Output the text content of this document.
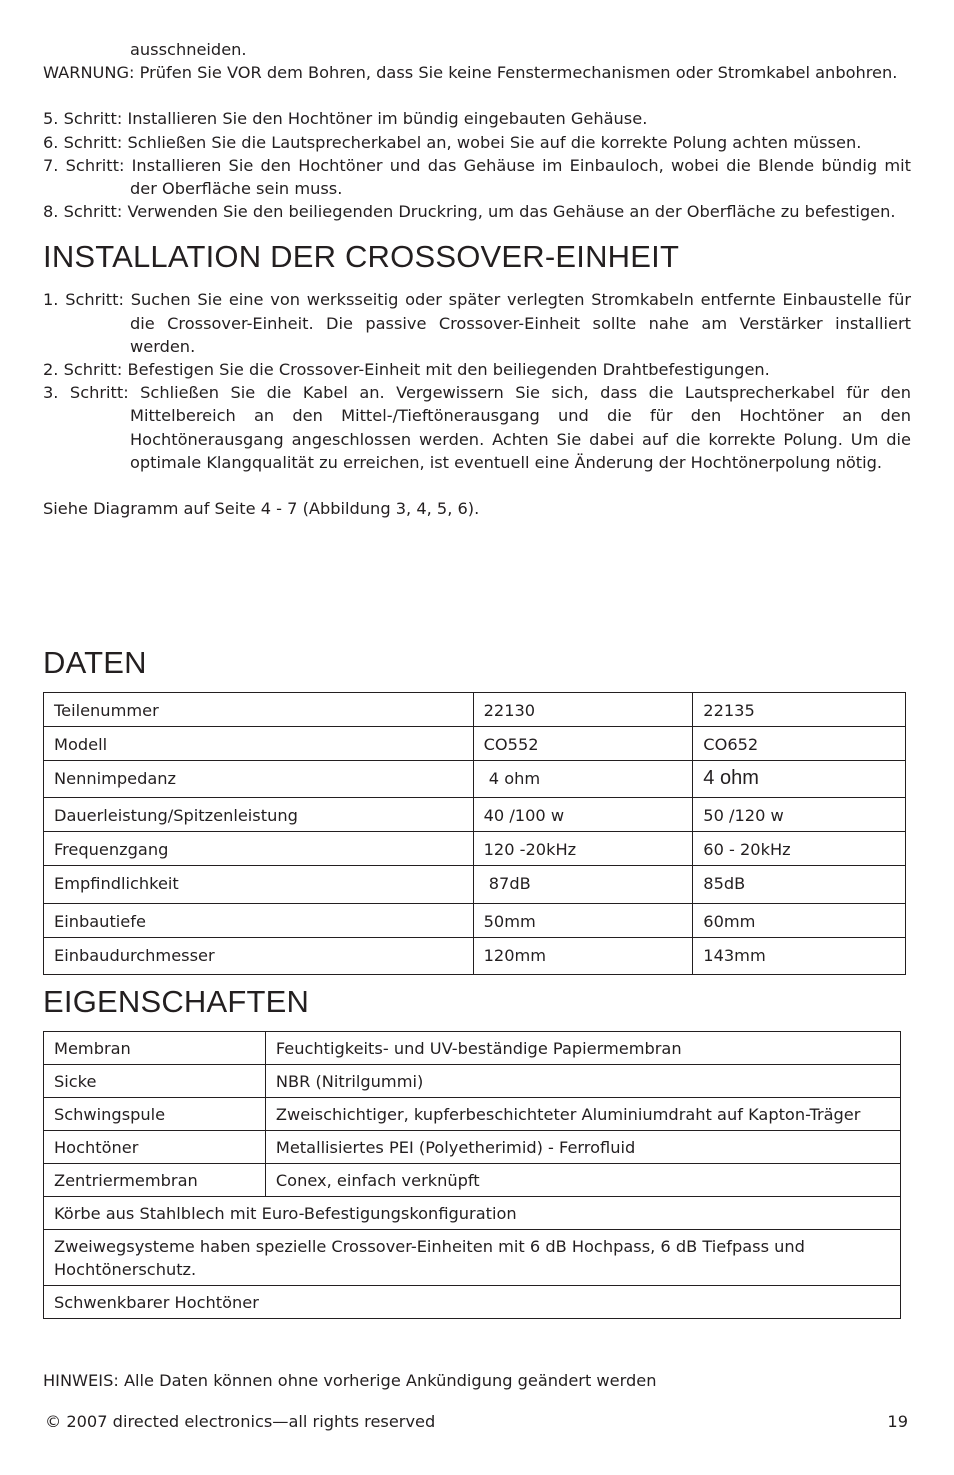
ausschneiden.

WARNUNG: Prüfen Sie VOR dem Bohren, dass Sie keine Fenstermechanismen oder Stromkabel anbohren.

5. Schritt: Installieren Sie den Hochtöner im bündig eingebauten Gehäuse.

6. Schritt: Schließen Sie die Lautsprecherkabel an, wobei Sie auf die korrekte Polung achten müssen.

7. Schritt: Installieren Sie den Hochtöner und das Gehäuse im Einbauloch, wobei die Blende bündig mit der Oberfläche sein muss.

8. Schritt: Verwenden Sie den beiliegenden Druckring, um das Gehäuse an der Oberfläche zu befestigen.

INSTALLATION DER CROSSOVER-EINHEIT

1. Schritt: Suchen Sie eine von werksseitig oder später verlegten Stromkabeln entfernte Einbaustelle für die Crossover-Einheit. Die passive Crossover-Einheit sollte nahe am Verstärker installiert werden.

2. Schritt: Befestigen Sie die Crossover-Einheit mit den beiliegenden Drahtbefestigungen.

3. Schritt: Schließen Sie die Kabel an. Vergewissern Sie sich, dass die Lautsprecherkabel für den Mittelbereich an den Mittel-/Tieftönerausgang und die für den Hochtöner an den Hochtönerausgang angeschlossen werden. Achten Sie dabei auf die korrekte Polung. Um die optimale Klangqualität zu erreichen, ist eventuell eine Änderung der Hochtönerpolung nötig.

Siehe Diagramm auf Seite 4 - 7 (Abbildung 3, 4, 5, 6).

DATEN
Teilenummer	22130	22135
Modell	CO552	CO652
Nennimpedanz	4 ohm	4 ohm
Dauerleistung/Spitzenleistung	40 /100 w	50 /120 w
Frequenzgang	120 -20kHz	60 - 20kHz
Empfindlichkeit	87dB	85dB
Einbautiefe	50mm	60mm
Einbaudurchmesser	120mm	143mm
EIGENSCHAFTEN
Membran	Feuchtigkeits- und UV-beständige Papiermembran
Sicke	NBR (Nitrilgummi)
Schwingspule	Zweischichtiger, kupferbeschichteter Aluminiumdraht auf Kapton-Träger
Hochtöner	Metallisiertes PEI (Polyetherimid) - Ferrofluid
Zentriermembran	Conex, einfach verknüpft
Körbe aus Stahlblech mit Euro-Befestigungskonfiguration	
Zweiwegsysteme haben spezielle Crossover-Einheiten mit 6 dB Hochpass, 6 dB Tiefpass und Hochtönerschutz.	
Schwenkbarer Hochtöner	

HINWEIS: Alle Daten können ohne vorherige Ankündigung geändert werden

© 2007 directed electronics—all rights reserved	19
